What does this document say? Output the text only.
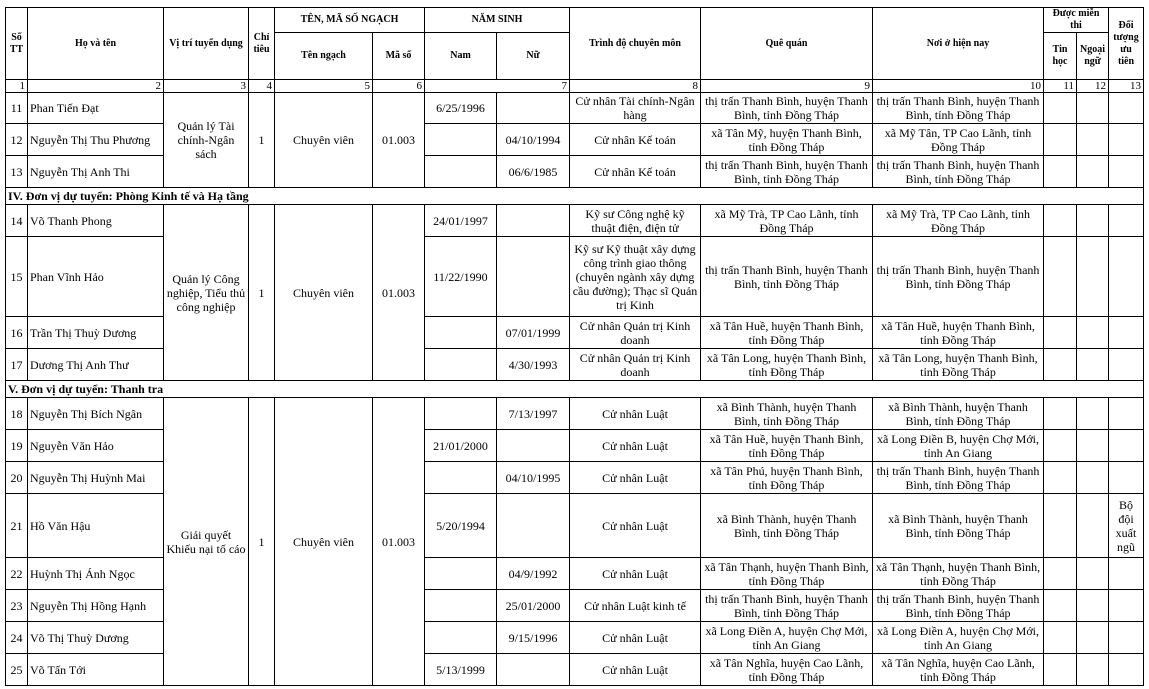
Số TT	Họ và tên	Vị trí tuyển dụng	Chỉ tiêu	TÊN, MÃ SỐ NGẠCH		NĂM SINH		Trình độ chuyên môn	Quê quán	Nơi ở hiện nay	Được miễn thi		Đối tượng ưu tiên
				Tên ngạch	Mã số	Nam	Nữ				Tin học	Ngoại ngữ	
1	2	3	4	5	6	7		8	9	10	11	12	13
11	Phan Tiến Đạt	Quản lý Tài chính-Ngân sách	1	Chuyên viên	01.003	6/25/1996		Cử nhân Tài chính-Ngân hàng	thị trấn Thanh Bình, huyện Thanh Bình, tỉnh Đồng Tháp	thị trấn Thanh Bình, huyện Thanh Bình, tỉnh Đồng Tháp			
12	Nguyễn Thị Thu Phương						04/10/1994	Cử nhân Kế toán	xã Tân Mỹ, huyện Thanh Bình, tỉnh Đồng Tháp	xã Mỹ Tân, TP Cao Lãnh, tỉnh Đồng Tháp			
13	Nguyễn Thị Anh Thi						06/6/1985	Cử nhân Kế toán	thị trấn Thanh Bình, huyện Thanh Bình, tỉnh Đồng Tháp	thị trấn Thanh Bình, huyện Thanh Bình, tỉnh Đồng Tháp			
IV. Đơn vị dự tuyển: Phòng Kinh tế và Hạ tầng													
14	Võ Thanh Phong	Quản lý Công nghiệp, Tiểu thủ công nghiệp	1	Chuyên viên	01.003	24/01/1997		Kỹ sư Công nghệ kỹ thuật điện, điện tử	xã Mỹ Trà, TP Cao Lãnh, tỉnh Đồng Tháp	xã Mỹ Trà, TP Cao Lãnh, tỉnh Đồng Tháp			
15	Phan Vĩnh Hảo					11/22/1990		Kỹ sư Kỹ thuật xây dựng công trình giao thông (chuyên ngành xây dựng cầu đường); Thạc sĩ Quản trị Kinh	thị trấn Thanh Bình, huyện Thanh Bình, tỉnh Đồng Tháp	thị trấn Thanh Bình, huyện Thanh Bình, tỉnh Đồng Tháp			
16	Trần Thị Thuỳ Dương						07/01/1999	Cử nhân Quản trị Kinh doanh	xã Tân Huề, huyện Thanh Bình, tỉnh Đồng Tháp	xã Tân Huề, huyện Thanh Bình, tỉnh Đồng Tháp			
17	Dương Thị Anh Thư						4/30/1993	Cử nhân Quản trị Kinh doanh	xã Tân Long, huyện Thanh Bình, tỉnh Đồng Tháp	xã Tân Long, huyện Thanh Bình, tỉnh Đồng Tháp			
V. Đơn vị dự tuyển: Thanh tra													
18	Nguyễn Thị Bích Ngân	Giải quyết Khiếu nại tố cáo	1	Chuyên viên	01.003		7/13/1997	Cử nhân Luật	xã Bình Thành, huyện Thanh Bình, tỉnh Đồng Tháp	xã Bình Thành, huyện Thanh Bình, tỉnh Đồng Tháp			
19	Nguyễn Văn Hảo					21/01/2000		Cử nhân Luật	xã Tân Huề, huyện Thanh Bình, tỉnh Đồng Tháp	xã Long Điền B, huyện Chợ Mới, tỉnh An Giang			
20	Nguyễn Thị Huỳnh Mai						04/10/1995	Cử nhân Luật	xã Tân Phú, huyện Thanh Bình, tỉnh Đồng Tháp	thị trấn Thanh Bình, huyện Thanh Bình, tỉnh Đồng Tháp			
21	Hồ Văn Hậu					5/20/1994		Cử nhân Luật	xã Bình Thành, huyện Thanh Bình, tỉnh Đồng Tháp	xã Bình Thành, huyện Thanh Bình, tỉnh Đồng Tháp			Bộ đội xuất ngũ
22	Huỳnh Thị Ánh Ngọc						04/9/1992	Cử nhân Luật	xã Tân Thạnh, huyện Thanh Bình, tỉnh Đồng Tháp	xã Tân Thạnh, huyện Thanh Bình, tỉnh Đồng Tháp			
23	Nguyễn Thị Hồng Hạnh						25/01/2000	Cử nhân Luật kinh tế	thị trấn Thanh Bình, huyện Thanh Bình, tỉnh Đồng Tháp	thị trấn Thanh Bình, huyện Thanh Bình, tỉnh Đồng Tháp			
24	Võ Thị Thuỳ Dương						9/15/1996	Cử nhân Luật	xã Long Điền A, huyện Chợ Mới, tỉnh An Giang	xã Long Điền A, huyện Chợ Mới, tỉnh An Giang			
25	Võ Tấn Tới					5/13/1999		Cử nhân Luật	xã Tân Nghĩa, huyện Cao Lãnh, tỉnh Đồng Tháp	xã Tân Nghĩa, huyện Cao Lãnh, tỉnh Đồng Tháp			
